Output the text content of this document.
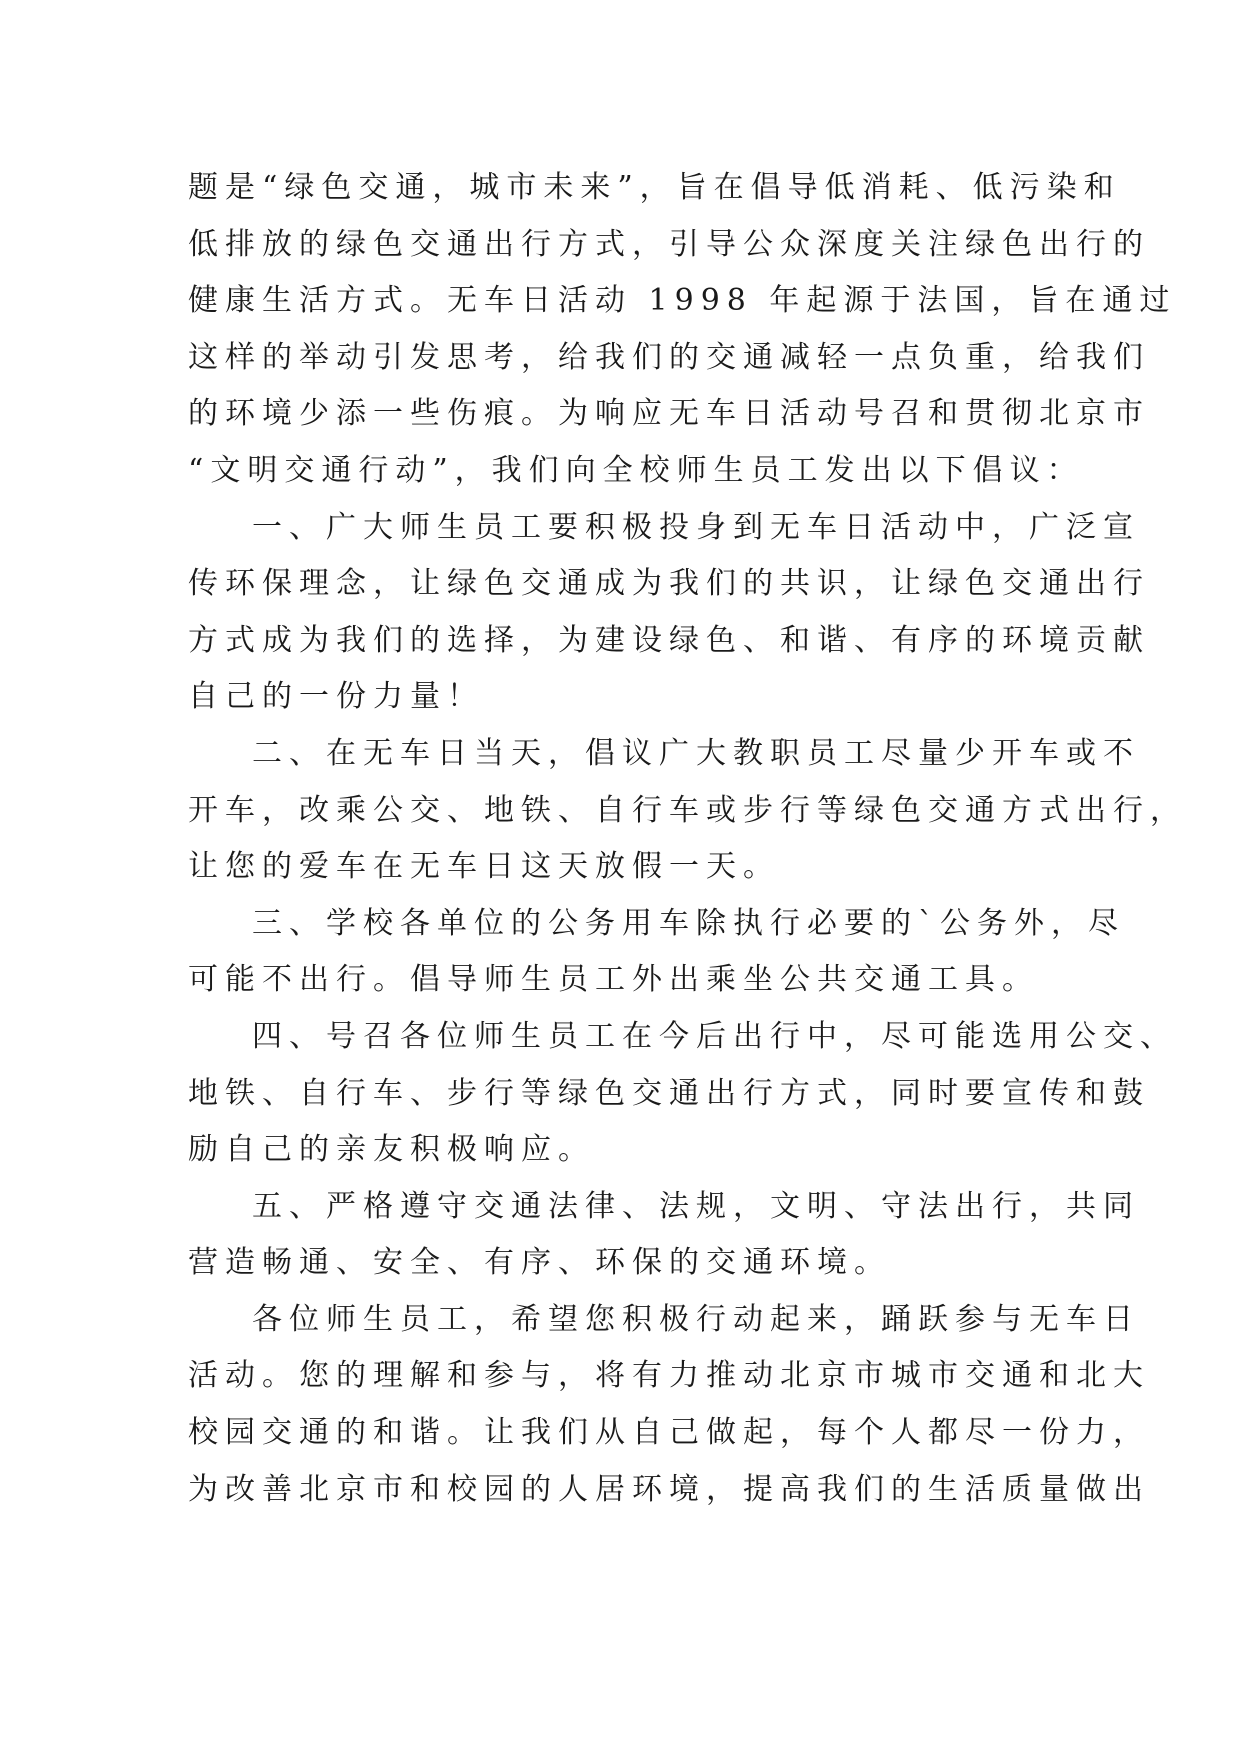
题是“绿色交通，城市未来”，旨在倡导低消耗、低污染和
低排放的绿色交通出行方式，引导公众深度关注绿色出行的
健康生活方式。无车日活动 1998 年起源于法国，旨在通过
这样的举动引发思考，给我们的交通减轻一点负重，给我们
的环境少添一些伤痕。为响应无车日活动号召和贯彻北京市
“文明交通行动”，我们向全校师生员工发出以下倡议：
一、广大师生员工要积极投身到无车日活动中，广泛宣
传环保理念，让绿色交通成为我们的共识，让绿色交通出行
方式成为我们的选择，为建设绿色、和谐、有序的环境贡献
自己的一份力量！
二、在无车日当天，倡议广大教职员工尽量少开车或不
开车，改乘公交、地铁、自行车或步行等绿色交通方式出行，
让您的爱车在无车日这天放假一天。
三、学校各单位的公务用车除执行必要的`公务外，尽
可能不出行。倡导师生员工外出乘坐公共交通工具。
四、号召各位师生员工在今后出行中，尽可能选用公交、
地铁、自行车、步行等绿色交通出行方式，同时要宣传和鼓
励自己的亲友积极响应。
五、严格遵守交通法律、法规，文明、守法出行，共同
营造畅通、安全、有序、环保的交通环境。
各位师生员工，希望您积极行动起来，踊跃参与无车日
活动。您的理解和参与，将有力推动北京市城市交通和北大
校园交通的和谐。让我们从自己做起，每个人都尽一份力，
为改善北京市和校园的人居环境，提高我们的生活质量做出
